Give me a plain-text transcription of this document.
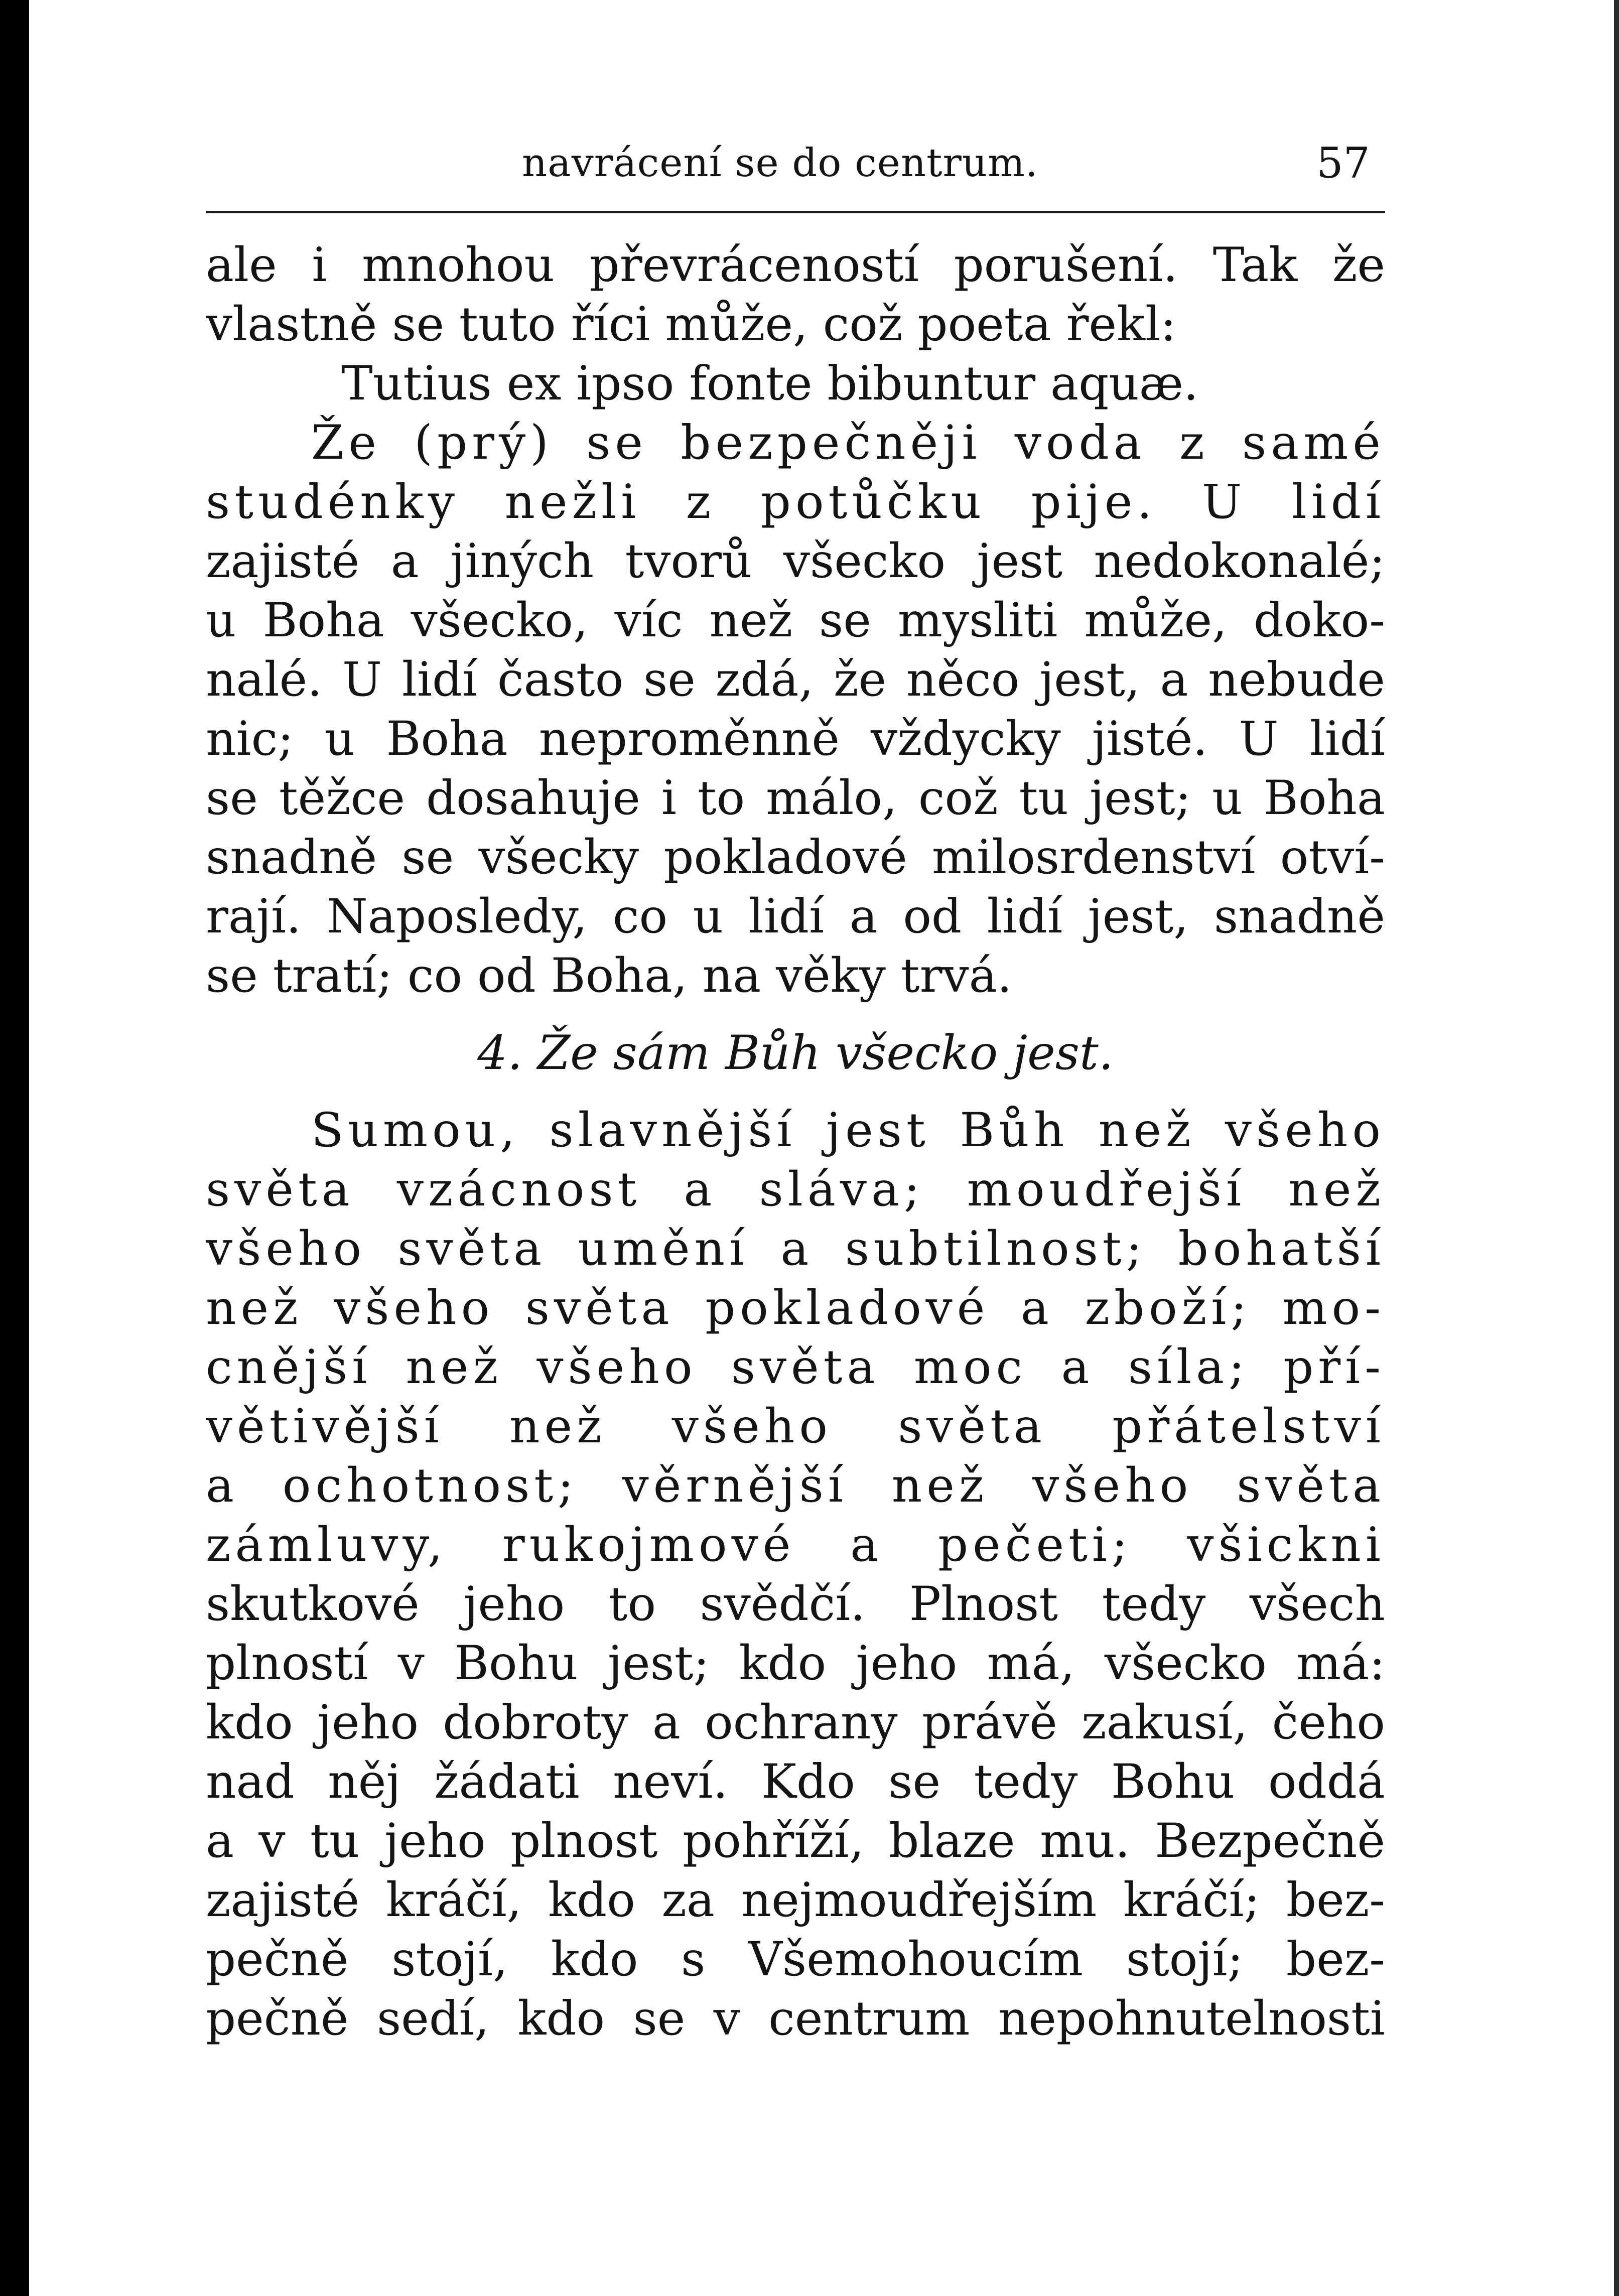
navrácení se do centrum.	57
ale i mnohou převráceností porušení. Tak že
vlastně se tuto říci může, což poeta řekl:
Tutius ex ipso fonte bibuntur aquæ.
Že (prý) se bezpečněji voda z samé
studénky nežli z potůčku pije. U lidí
zajisté a jiných tvorů všecko jest nedokonalé;
u Boha všecko, víc než se mysliti může, doko-
nalé. U lidí často se zdá, že něco jest, a nebude
nic; u Boha neproměnně vždycky jisté. U lidí
se těžce dosahuje i to málo, což tu jest; u Boha
snadně se všecky pokladové milosrdenství otví-
rají. Naposledy, co u lidí a od lidí jest, snadně
se tratí; co od Boha, na věky trvá.
4. Že sám Bůh všecko jest.
Sumou, slavnější jest Bůh než všeho
světa vzácnost a sláva; moudřejší než
všeho světa umění a subtilnost; bohatší
než všeho světa pokladové a zboží; mo-
cnější než všeho světa moc a síla; pří-
větivější než všeho světa přátelství
a ochotnost; věrnější než všeho světa
zámluvy, rukojmové a pečeti; všickni
skutkové jeho to svědčí. Plnost tedy všech
plností v Bohu jest; kdo jeho má, všecko má:
kdo jeho dobroty a ochrany právě zakusí, čeho
nad něj žádati neví. Kdo se tedy Bohu oddá
a v tu jeho plnost pohříží, blaze mu. Bezpečně
zajisté kráčí, kdo za nejmoudřejším kráčí; bez-
pečně stojí, kdo s Všemohoucím stojí; bez-
pečně sedí, kdo se v centrum nepohnutelnosti
